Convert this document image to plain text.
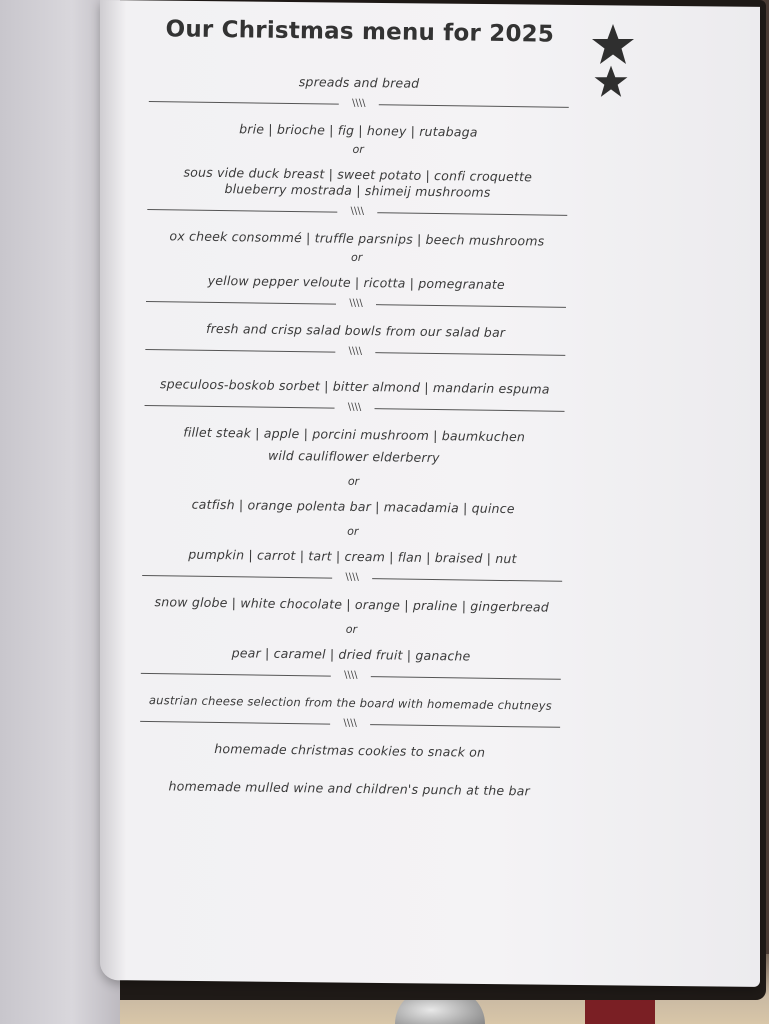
Our Christmas menu for 2025

spreads and bread

\\\\

brie | brioche | fig | honey | rutabaga

or

sous vide duck breast | sweet potato | confi croquette

blueberry mostrada | shimeij mushrooms

\\\\

ox cheek consommé | truffle parsnips | beech mushrooms

or

yellow pepper veloute | ricotta | pomegranate

\\\\

fresh and crisp salad bowls from our salad bar

\\\\

speculoos-boskob sorbet | bitter almond | mandarin espuma

\\\\

fillet steak | apple | porcini mushroom | baumkuchen

wild cauliflower elderberry

or

catfish | orange polenta bar | macadamia | quince

or

pumpkin | carrot | tart | cream | flan | braised | nut

\\\\

snow globe | white chocolate | orange | praline | gingerbread

or

pear | caramel | dried fruit | ganache

\\\\

austrian cheese selection from the board with homemade chutneys

\\\\

homemade christmas cookies to snack on

homemade mulled wine and children's punch at the bar
